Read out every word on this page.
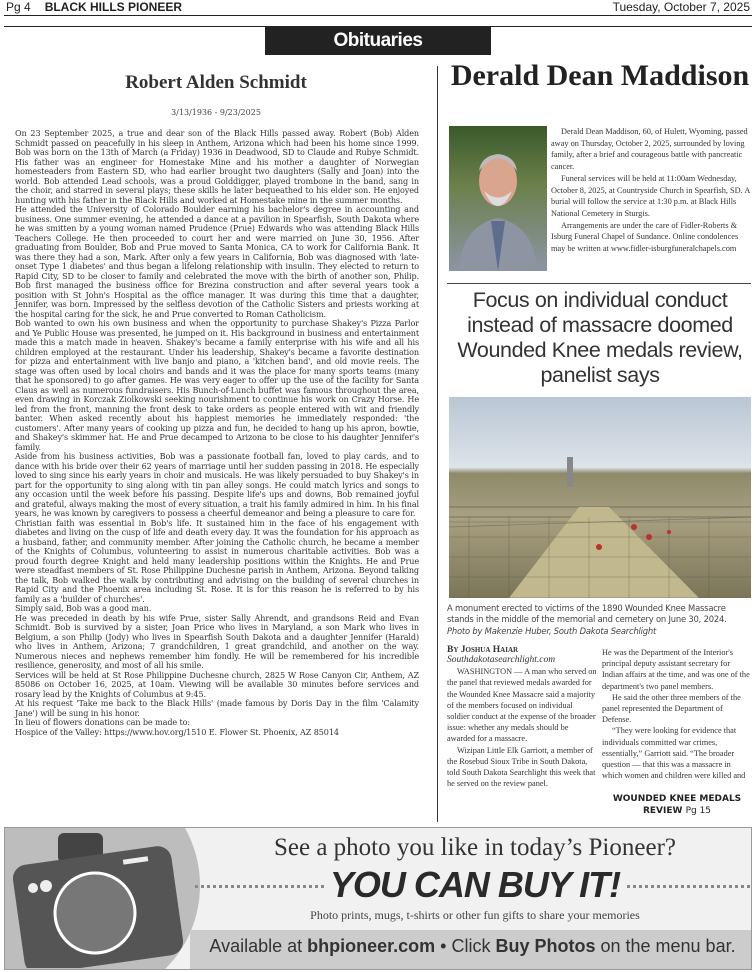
Pg 4 BLACK HILLS PIONEER	Tuesday, October 7, 2025
Obituaries
Robert Alden Schmidt
3/13/1936 - 9/23/2025

On 23 September 2025, a true and dear son of the Black Hills passed away. Robert (Bob) Alden Schmidt passed on peacefully in his sleep in Anthem, Arizona which had been his home since 1999. Bob was born on the 13th of March (a Friday) 1936 in Deadwood, SD to Claude and Rubye Schmidt. His father was an engineer for Homestake Mine and his mother a daughter of Norwegian homesteaders from Eastern SD, who had earlier brought two daughters (Sally and Joan) into the world. Bob attended Lead schools, was a proud Golddigger, played trombone in the band, sang in the choir, and starred in several plays; these skills he later bequeathed to his elder son. He enjoyed hunting with his father in the Black Hills and worked at Homestake mine in the summer months.

He attended the University of Colorado Boulder earning his bachelor's degree in accounting and business. One summer evening, he attended a dance at a pavilion in Spearfish, South Dakota where he was smitten by a young woman named Prudence (Prue) Edwards who was attending Black Hills Teachers College. He then proceeded to court her and were married on June 30, 1956. After graduating from Boulder, Bob and Prue moved to Santa Monica, CA to work for California Bank. It was there they had a son, Mark. After only a few years in California, Bob was diagnosed with 'late-onset Type 1 diabetes' and thus began a lifelong relationship with insulin. They elected to return to Rapid City, SD to be closer to family and celebrated the move with the birth of another son, Philip. Bob first managed the business office for Brezina construction and after several years took a position with St John's Hospital as the office manager. It was during this time that a daughter, Jennifer, was born. Impressed by the selfless devotion of the Catholic Sisters and priests working at the hospital caring for the sick, he and Prue converted to Roman Catholicism.

Bob wanted to own his own business and when the opportunity to purchase Shakey's Pizza Parlor and Ye Public House was presented, he jumped on it. His background in business and entertainment made this a match made in heaven. Shakey's became a family enterprise with his wife and all his children employed at the restaurant. Under his leadership, Shakey's became a favorite destination for pizza and entertainment with live banjo and piano, a 'kitchen band', and old movie reels. The stage was often used by local choirs and bands and it was the place for many sports teams (many that he sponsored) to go after games. He was very eager to offer up the use of the facility for Santa Claus as well as numerous fundraisers. His Bunch-of-Lunch buffet was famous throughout the area, even drawing in Korczak Ziolkowski seeking nourishment to continue his work on Crazy Horse. He led from the front, manning the front desk to take orders as people entered with wit and friendly banter. When asked recently about his happiest memories he immediately responded: 'the customers'. After many years of cooking up pizza and fun, he decided to hang up his apron, bowtie, and Shakey's skimmer hat. He and Prue decamped to Arizona to be close to his daughter Jennifer's family.

Aside from his business activities, Bob was a passionate football fan, loved to play cards, and to dance with his bride over their 62 years of marriage until her sudden passing in 2018. He especially loved to sing since his early years in choir and musicals. He was likely persuaded to buy Shakey's in part for the opportunity to sing along with tin pan alley songs. He could match lyrics and songs to any occasion until the week before his passing. Despite life's ups and downs, Bob remained joyful and grateful, always making the most of every situation, a trait his family admired in him. In his final years, he was known by caregivers to possess a cheerful demeanor and being a pleasure to care for.

Christian faith was essential in Bob's life. It sustained him in the face of his engagement with diabetes and living on the cusp of life and death every day. It was the foundation for his approach as a husband, father, and community member. After joining the Catholic church, he became a member of the Knights of Columbus, volunteering to assist in numerous charitable activities. Bob was a proud fourth degree Knight and held many leadership positions within the Knights. He and Prue were steadfast members of St. Rose Philippine Duchesne parish in Anthem, Arizona. Beyond talking the talk, Bob walked the walk by contributing and advising on the building of several churches in Rapid City and the Phoenix area including St. Rose. It is for this reason he is referred to by his family as a 'builder of churches'.

Simply said, Bob was a good man.

He was preceded in death by his wife Prue, sister Sally Ahrendt, and grandsons Reid and Evan Schmidt. Bob is survived by a sister, Joan Price who lives in Maryland, a son Mark who lives in Belgium, a son Philip (Jody) who lives in Spearfish South Dakota and a daughter Jennifer (Harald) who lives in Anthem, Arizona; 7 grandchildren, 1 great grandchild, and another on the way. Numerous nieces and nephews remember him fondly. He will be remembered for his incredible resilience, generosity, and most of all his smile.

Services will be held at St Rose Philippine Duchesne church, 2825 W Rose Canyon Cir, Anthem, AZ 85086 on October 16, 2025, at 10am. Viewing will be available 30 minutes before services and rosary lead by the Knights of Columbus at 9:45.

At his request 'Take me back to the Black Hills' (made famous by Doris Day in the film 'Calamity Jane') will be sung in his honor.

In lieu of flowers donations can be made to:

Hospice of the Valley: https://www.hov.org/1510 E. Flower St. Phoenix, AZ 85014

Derald Dean Maddison

Derald Dean Maddison, 60, of Hulett, Wyoming, passed away on Thursday, October 2, 2025, surrounded by loving family, after a brief and courageous battle with pancreatic cancer.

Funeral services will be held at 11:00am Wednesday, October 8, 2025, at Countryside Church in Spearfish, SD. A burial will follow the service at 1:30 p.m. at Black Hills National Cemetery in Sturgis.

Arrangements are under the care of Fidler-Roberts & Isburg Funeral Chapel of Sundance. Online condolences may be written at www.fidler-isburgfuneralchapels.com

Focus on individual conduct instead of massacre doomed Wounded Knee medals review, panelist says
A monument erected to victims of the 1890 Wounded Knee Massacre stands in the middle of the memorial and cemetery on June 30, 2024.
Photo by Makenzie Huber, South Dakota Searchlight
By Joshua Haiar
Southdakotasearchlight.com

WASHINGTON — A man who served on the panel that reviewed medals awarded for the Wounded Knee Massacre said a majority of the members focused on individual soldier conduct at the expense of the broader issue: whether any medals should be awarded for a massacre.

Wizipan Little Elk Garriott, a member of the Rosebud Sioux Tribe in South Dakota, told South Dakota Searchlight this week that he served on the review panel.

He was the Department of the Interior's principal deputy assistant secretary for Indian affairs at the time, and was one of the department's two panel members.

He said the other three members of the panel represented the Department of Defense.

“They were looking for evidence that individuals committed war crimes, essentially,” Garriott said. “The broader question — that this was a massacre in which women and children were killed and

WOUNDED KNEE MEDALS REVIEW Pg 15
See a photo you like in today’s Pioneer?
YOU CAN BUY IT!
Photo prints, mugs, t-shirts or other fun gifts to share your memories
Available at bhpioneer.com • Click Buy Photos on the menu bar.
